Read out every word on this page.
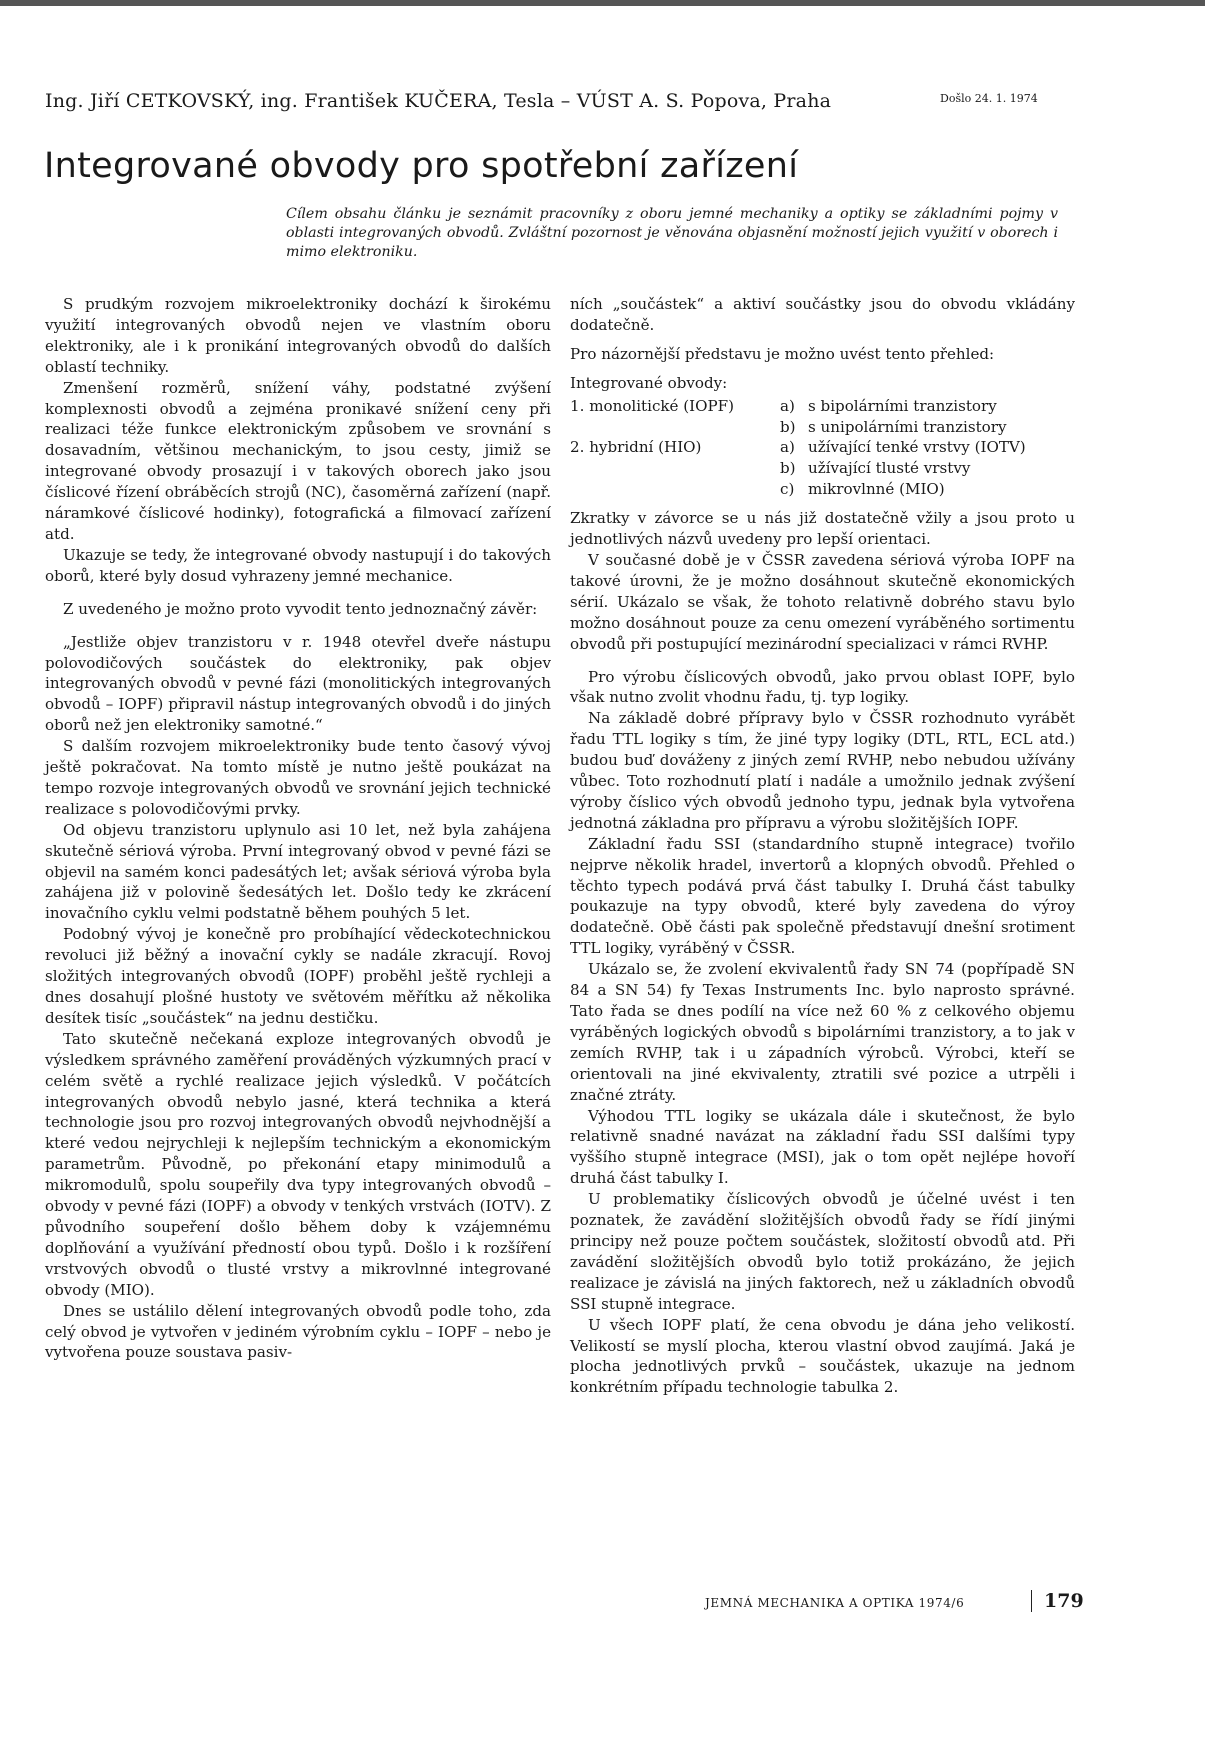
Ing. Jiří CETKOVSKÝ, ing. František KUČERA, Tesla – VÚST A. S. Popova, Praha	Došlo 24. 1. 1974
Integrované obvody pro spotřební zařízení

Cílem obsahu článku je seznámit pracovníky z oboru jemné mechaniky a optiky se základními pojmy v oblasti integrovaných obvodů. Zvláštní pozornost je věnována objasnění možností jejich využití v oborech i mimo elektroniku.

S prudkým rozvojem mikroelektroniky dochází k širokému využití integrovaných obvodů nejen ve vlastním oboru elektroniky, ale i k pronikání integrovaných obvodů do dalších oblastí techniky.

Zmenšení rozměrů, snížení váhy, podstatné zvýšení komplexnosti obvodů a zejména pronikavé snížení ceny při realizaci téže funkce elektronickým způsobem ve srovnání s dosavadním, většinou mechanickým, to jsou cesty, jimiž se integrované obvody prosazují i v takových oborech jako jsou číslicové řízení obráběcích strojů (NC), časoměrná zařízení (např. náramkové číslicové hodinky), fotografická a filmovací zařízení atd.

Ukazuje se tedy, že integrované obvody nastupují i do takových oborů, které byly dosud vyhrazeny jemné mechanice.

Z uvedeného je možno proto vyvodit tento jednoznačný závěr:

„Jestliže objev tranzistoru v r. 1948 otevřel dveře nástupu polovodičových součástek do elektroniky, pak objev integrovaných obvodů v pevné fázi (monolitických integrovaných obvodů – IOPF) připravil nástup integrovaných obvodů i do jiných oborů než jen elektroniky samotné.“

S dalším rozvojem mikroelektroniky bude tento časový vývoj ještě pokračovat. Na tomto místě je nutno ještě poukázat na tempo rozvoje integrovaných obvodů ve srovnání jejich technické realizace s polovodičovými prvky.

Od objevu tranzistoru uplynulo asi 10 let, než byla zahájena skutečně sériová výroba. První integrovaný obvod v pevné fázi se objevil na samém konci padesátých let; avšak sériová výroba byla zahájena již v polovině šedesátých let. Došlo tedy ke zkrácení inovačního cyklu velmi podstatně během pouhých 5 let.

Podobný vývoj je konečně pro probíhající vědeckotechnickou revoluci již běžný a inovační cykly se nadále zkracují. Rovoj složitých integrovaných obvodů (IOPF) proběhl ještě rychleji a dnes dosahují plošné hustoty ve světovém měřítku až několika desítek tisíc „součástek“ na jednu destičku.

Tato skutečně nečekaná exploze integrovaných obvodů je výsledkem správného zaměření prováděných výzkumných prací v celém světě a rychlé realizace jejich výsledků. V počátcích integrovaných obvodů nebylo jasné, která technika a která technologie jsou pro rozvoj integrovaných obvodů nejvhodnější a které vedou nejrychleji k nejlepším technickým a ekonomickým parametrům. Původně, po překonání etapy minimodulů a mikromodulů, spolu soupeřily dva typy integrovaných obvodů – obvody v pevné fázi (IOPF) a obvody v tenkých vrstvách (IOTV). Z původního soupeření došlo během doby k vzájemnému doplňování a využívání předností obou typů. Došlo i k rozšíření vrstvových obvodů o tlusté vrstvy a mikrovlnné integrované obvody (MIO).

Dnes se ustálilo dělení integrovaných obvodů podle toho, zda celý obvod je vytvořen v jediném výrobním cyklu – IOPF – nebo je vytvořena pouze soustava pasiv-

ních „součástek“ a aktiví součástky jsou do obvodu vkládány dodatečně.

Pro názornější představu je možno uvést tento přehled:

Integrované obvody:

1. monolitické (IOPF)	a) s bipolárními tranzistory
b) s unipolárními tranzistory
2. hybridní (HIO)	a) užívající tenké vrstvy (IOTV)
b) užívající tlusté vrstvy
c) mikrovlnné (MIO)

Zkratky v závorce se u nás již dostatečně vžily a jsou proto u jednotlivých názvů uvedeny pro lepší orientaci.

V současné době je v ČSSR zavedena sériová výroba IOPF na takové úrovni, že je možno dosáhnout skutečně ekonomických sérií. Ukázalo se však, že tohoto relativně dobrého stavu bylo možno dosáhnout pouze za cenu omezení vyráběného sortimentu obvodů při postupující mezinárodní specializaci v rámci RVHP.

Pro výrobu číslicových obvodů, jako prvou oblast IOPF, bylo však nutno zvolit vhodnu řadu, tj. typ logiky.

Na základě dobré přípravy bylo v ČSSR rozhodnuto vyrábět řadu TTL logiky s tím, že jiné typy logiky (DTL, RTL, ECL atd.) budou buď dováženy z jiných zemí RVHP, nebo nebudou užívány vůbec. Toto rozhodnutí platí i nadále a umožnilo jednak zvýšení výroby číslico vých obvodů jednoho typu, jednak byla vytvořena jednotná základna pro přípravu a výrobu složitějších IOPF.

Základní řadu SSI (standardního stupně integrace) tvořilo nejprve několik hradel, invertorů a klopných obvodů. Přehled o těchto typech podává prvá část tabulky I. Druhá část tabulky poukazuje na typy obvodů, které byly zavedena do výroy dodatečně. Obě části pak společně představují dnešní srotiment TTL logiky, vyráběný v ČSSR.

Ukázalo se, že zvolení ekvivalentů řady SN 74 (popřípadě SN 84 a SN 54) fy Texas Instruments Inc. bylo naprosto správné. Tato řada se dnes podílí na více než 60 % z celkového objemu vyráběných logických obvodů s bipolárními tranzistory, a to jak v zemích RVHP, tak i u západních výrobců. Výrobci, kteří se orientovali na jiné ekvivalenty, ztratili své pozice a utrpěli i značné ztráty.

Výhodou TTL logiky se ukázala dále i skutečnost, že bylo relativně snadné navázat na základní řadu SSI dalšími typy vyššího stupně integrace (MSI), jak o tom opět nejlépe hovoří druhá část tabulky I.

U problematiky číslicových obvodů je účelné uvést i ten poznatek, že zavádění složitějších obvodů řady se řídí jinými principy než pouze počtem součástek, složitostí obvodů atd. Při zavádění složitějších obvodů bylo totiž prokázáno, že jejich realizace je závislá na jiných faktorech, než u základních obvodů SSI stupně integrace.

U všech IOPF platí, že cena obvodu je dána jeho velikostí. Velikostí se myslí plocha, kterou vlastní obvod zaujímá. Jaká je plocha jednotlivých prvků – součástek, ukazuje na jednom konkrétním případu technologie tabulka 2.

JEMNÁ MECHANIKA A OPTIKA 1974/6	179
